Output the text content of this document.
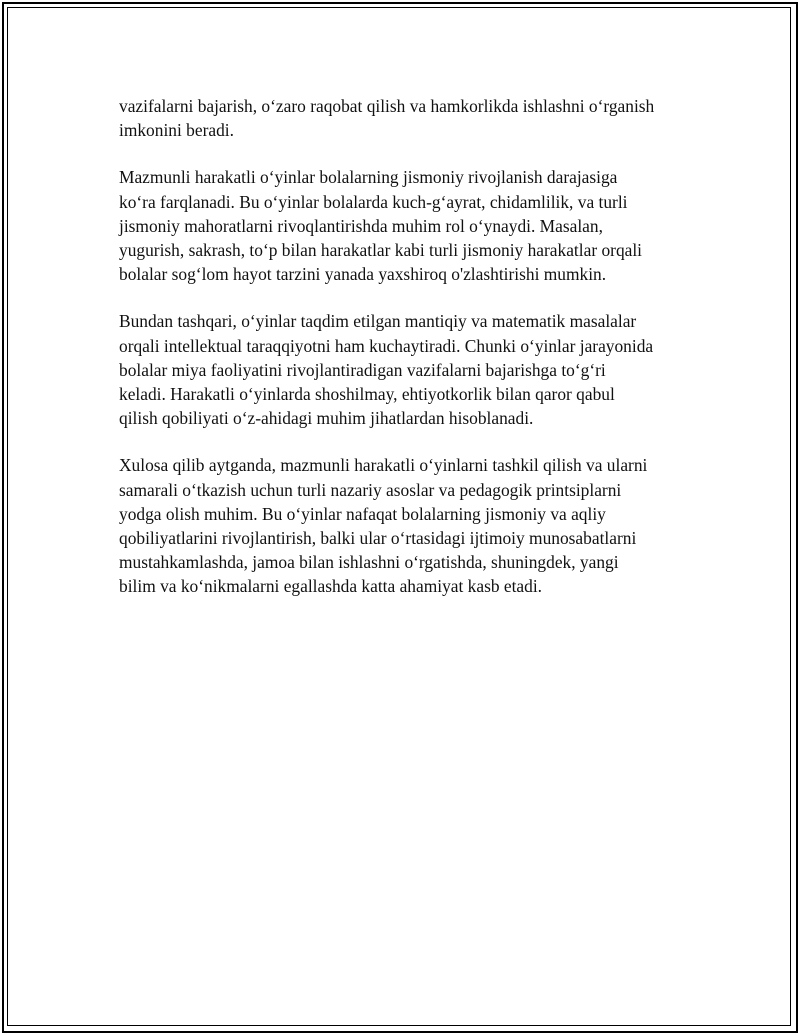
vazifalarni bajarish, o‘zaro raqobat qilish va hamkorlikda ishlashni o‘rganish
imkonini beradi.

Mazmunli harakatli o‘yinlar bolalarning jismoniy rivojlanish darajasiga
ko‘ra farqlanadi. Bu o‘yinlar bolalarda kuch-g‘ayrat, chidamlilik, va turli
jismoniy mahoratlarni rivoqlantirishda muhim rol o‘ynaydi. Masalan,
yugurish, sakrash, to‘p bilan harakatlar kabi turli jismoniy harakatlar orqali
bolalar sog‘lom hayot tarzini yanada yaxshiroq o'zlashtirishi mumkin.

Bundan tashqari, o‘yinlar taqdim etilgan mantiqiy va matematik masalalar
orqali intellektual taraqqiyotni ham kuchaytiradi. Chunki o‘yinlar jarayonida
bolalar miya faoliyatini rivojlantiradigan vazifalarni bajarishga to‘g‘ri
keladi. Harakatli o‘yinlarda shoshilmay, ehtiyotkorlik bilan qaror qabul
qilish qobiliyati o‘z-ahidagi muhim jihatlardan hisoblanadi.

Xulosa qilib aytganda, mazmunli harakatli o‘yinlarni tashkil qilish va ularni
samarali o‘tkazish uchun turli nazariy asoslar va pedagogik printsiplarni
yodga olish muhim. Bu o‘yinlar nafaqat bolalarning jismoniy va aqliy
qobiliyatlarini rivojlantirish, balki ular o‘rtasidagi ijtimoiy munosabatlarni
mustahkamlashda, jamoa bilan ishlashni o‘rgatishda, shuningdek, yangi
bilim va ko‘nikmalarni egallashda katta ahamiyat kasb etadi.
